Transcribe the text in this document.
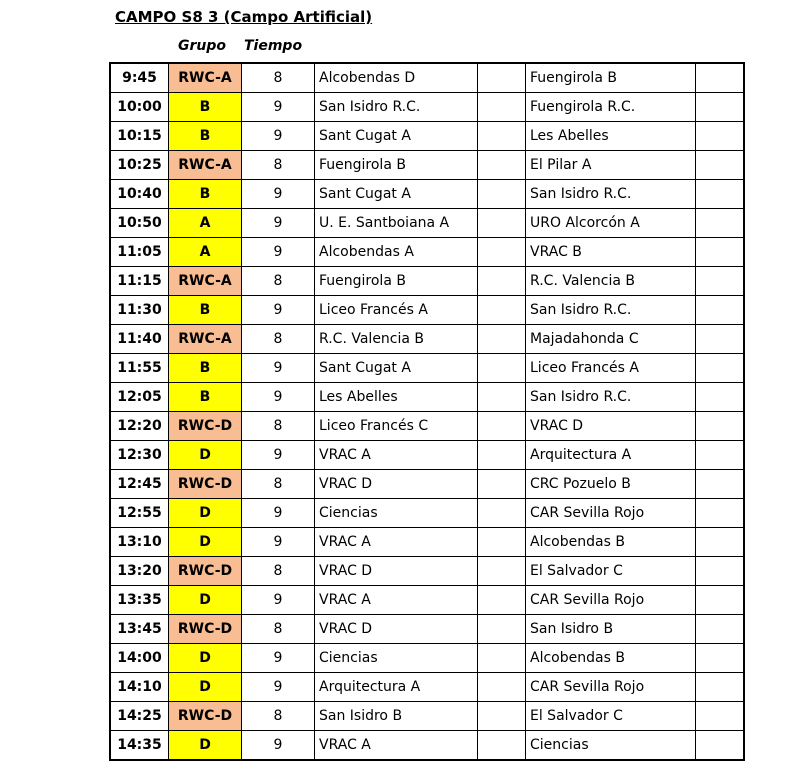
CAMPO S8 3 (Campo Artificial)
Grupo Tiempo
9:45	RWC-A	8	Alcobendas D		Fuengirola B	
10:00	B	9	San Isidro R.C.		Fuengirola R.C.	
10:15	B	9	Sant Cugat A		Les Abelles	
10:25	RWC-A	8	Fuengirola B		El Pilar A	
10:40	B	9	Sant Cugat A		San Isidro R.C.	
10:50	A	9	U. E. Santboiana A		URO Alcorcón A	
11:05	A	9	Alcobendas A		VRAC B	
11:15	RWC-A	8	Fuengirola B		R.C. Valencia B	
11:30	B	9	Liceo Francés A		San Isidro R.C.	
11:40	RWC-A	8	R.C. Valencia B		Majadahonda C	
11:55	B	9	Sant Cugat A		Liceo Francés A	
12:05	B	9	Les Abelles		San Isidro R.C.	
12:20	RWC-D	8	Liceo Francés C		VRAC D	
12:30	D	9	VRAC A		Arquitectura A	
12:45	RWC-D	8	VRAC D		CRC Pozuelo B	
12:55	D	9	Ciencias		CAR Sevilla Rojo	
13:10	D	9	VRAC A		Alcobendas B	
13:20	RWC-D	8	VRAC D		El Salvador C	
13:35	D	9	VRAC A		CAR Sevilla Rojo	
13:45	RWC-D	8	VRAC D		San Isidro B	
14:00	D	9	Ciencias		Alcobendas B	
14:10	D	9	Arquitectura A		CAR Sevilla Rojo	
14:25	RWC-D	8	San Isidro B		El Salvador C	
14:35	D	9	VRAC A		Ciencias	
